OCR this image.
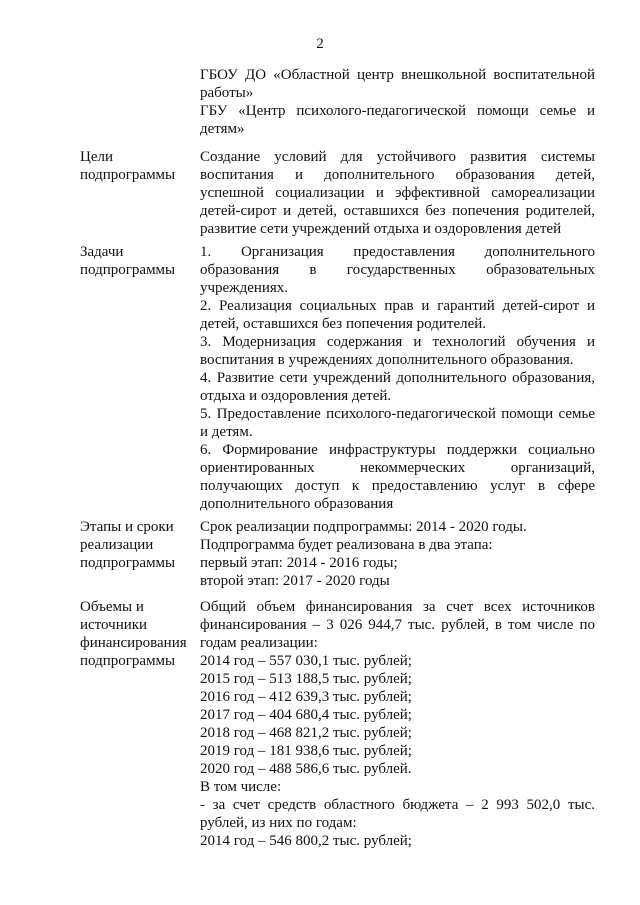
2
ГБОУ ДО «Областной центр внешкольной воспитательной
работы»
ГБУ «Центр психолого-педагогической помощи семье и
детям»
Цели
подпрограммы
Создание условий для устойчивого развития системы
воспитания и дополнительного образования детей,
успешной социализации и эффективной самореализации
детей-сирот и детей, оставшихся без попечения родителей,
развитие сети учреждений отдыха и оздоровления детей
Задачи
подпрограммы
1. Организация предоставления дополнительного
образования в государственных образовательных
учреждениях.
2. Реализация социальных прав и гарантий детей-сирот и
детей, оставшихся без попечения родителей.
3. Модернизация содержания и технологий обучения и
воспитания в учреждениях дополнительного образования.
4. Развитие сети учреждений дополнительного образования,
отдыха и оздоровления детей.
5. Предоставление психолого-педагогической помощи семье
и детям.
6. Формирование инфраструктуры поддержки социально
ориентированных некоммерческих организаций,
получающих доступ к предоставлению услуг в сфере
дополнительного образования
Этапы и сроки
реализации
подпрограммы
Срок реализации подпрограммы: 2014 - 2020 годы.
Подпрограмма будет реализована в два этапа:
первый этап: 2014 - 2016 годы;
второй этап: 2017 - 2020 годы
Объемы и
источники
финансирования
подпрограммы
Общий объем финансирования за счет всех источников
финансирования – 3 026 944,7 тыс. рублей, в том числе по
годам реализации:
2014 год – 557 030,1 тыс. рублей;
2015 год – 513 188,5 тыс. рублей;
2016 год – 412 639,3 тыс. рублей;
2017 год – 404 680,4 тыс. рублей;
2018 год – 468 821,2 тыс. рублей;
2019 год – 181 938,6 тыс. рублей;
2020 год – 488 586,6 тыс. рублей.
В том числе:
- за счет средств областного бюджета – 2 993 502,0 тыс.
рублей, из них по годам:
2014 год – 546 800,2 тыс. рублей;
